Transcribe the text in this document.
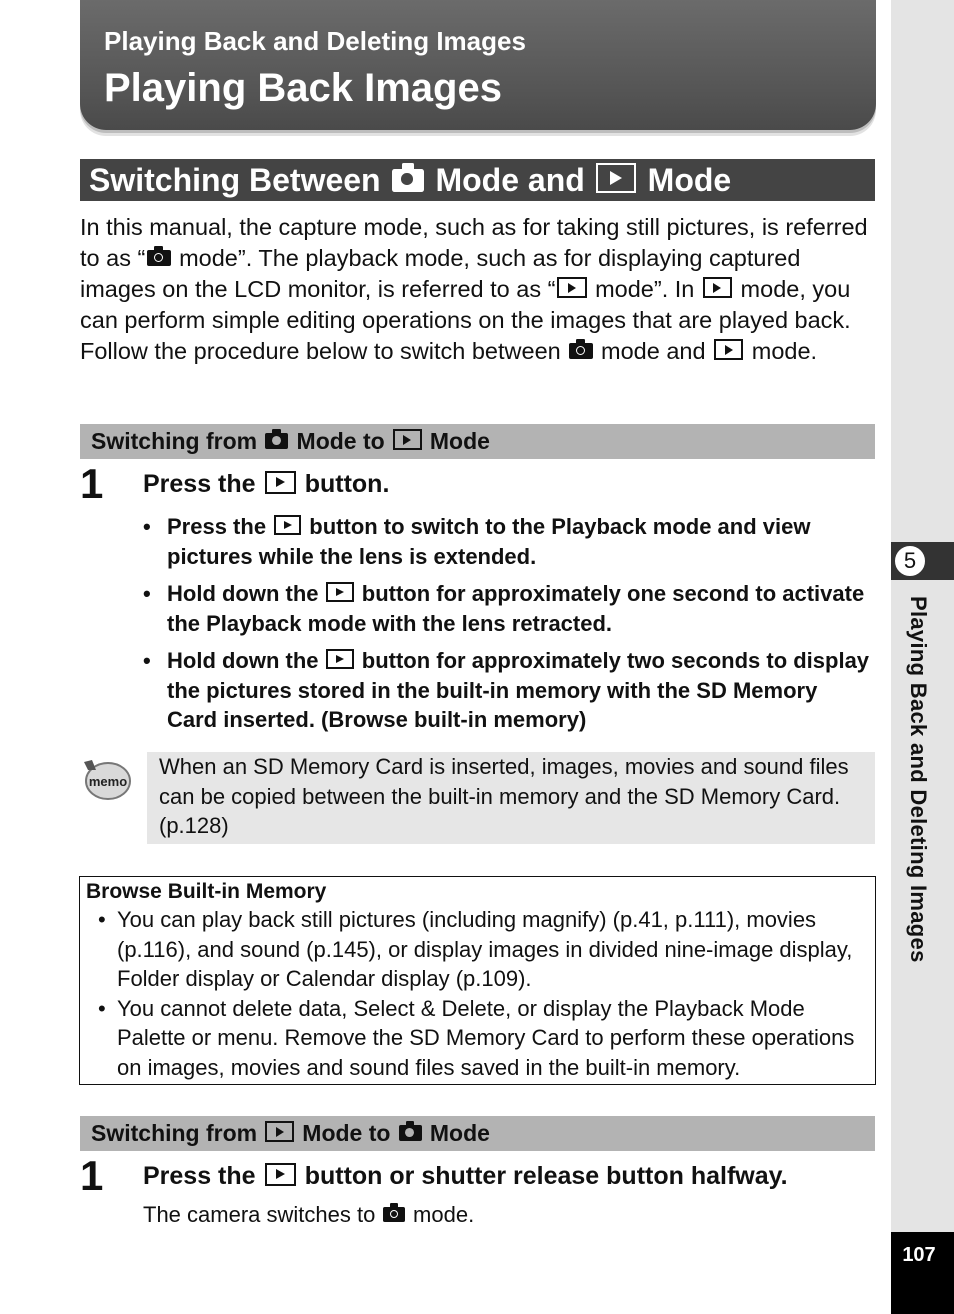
Playing Back and Deleting Images
Playing Back Images
Switching Between  Mode and  Mode
In this manual, the capture mode, such as for taking still pictures, is referred to as “ mode”. The playback mode, such as for displaying captured images on the LCD monitor, is referred to as “ mode”. In  mode, you can perform simple editing operations on the images that are played back.
Follow the procedure below to switch between  mode and  mode.
Switching from  Mode to  Mode
1 Press the  button.
• Press the  button to switch to the Playback mode and view pictures while the lens is extended.
• Hold down the  button for approximately one second to activate the Playback mode with the lens retracted.
• Hold down the  button for approximately two seconds to display the pictures stored in the built-in memory with the SD Memory Card inserted. (Browse built-in memory)
memo
When an SD Memory Card is inserted, images, movies and sound files can be copied between the built-in memory and the SD Memory Card. (p.128)
Browse Built-in Memory
• You can play back still pictures (including magnify) (p.41, p.111), movies (p.116), and sound (p.145), or display images in divided nine-image display, Folder display or Calendar display (p.109).
• You cannot delete data, Select & Delete, or display the Playback Mode Palette or menu. Remove the SD Memory Card to perform these operations on images, movies and sound files saved in the built-in memory.
Switching from  Mode to  Mode
1 Press the  button or shutter release button halfway.
The camera switches to  mode.
5
Playing Back and Deleting Images
107
